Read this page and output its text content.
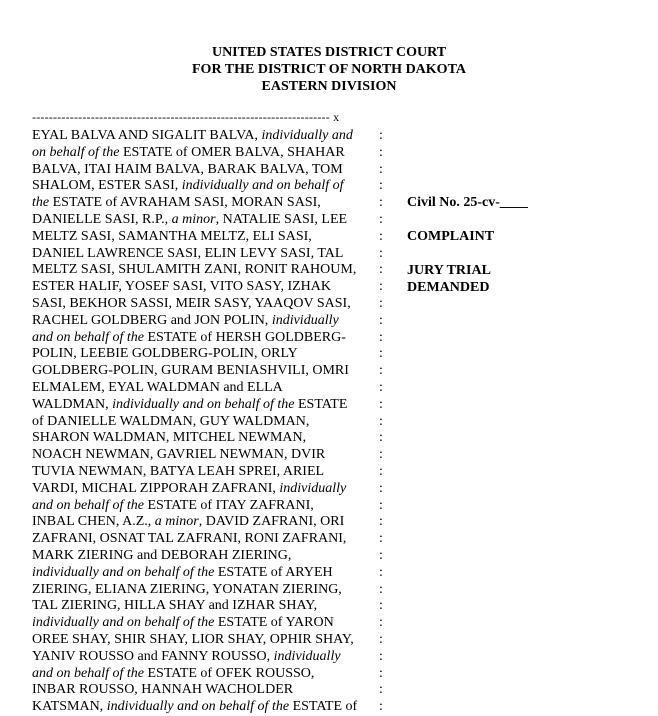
UNITED STATES DISTRICT COURT
FOR THE DISTRICT OF NORTH DAKOTA
EASTERN DIVISION
----------------------------------------------------------------------- x
EYAL BALVA AND SIGALIT BALVA, individually and
on behalf of the ESTATE of OMER BALVA, SHAHAR
BALVA, ITAI HAIM BALVA, BARAK BALVA, TOM
SHALOM, ESTER SASI, individually and on behalf of
the ESTATE of AVRAHAM SASI, MORAN SASI,
DANIELLE SASI, R.P., a minor, NATALIE SASI, LEE
MELTZ SASI, SAMANTHA MELTZ, ELI SASI,
DANIEL LAWRENCE SASI, ELIN LEVY SASI, TAL
MELTZ SASI, SHULAMITH ZANI, RONIT RAHOUM,
ESTER HALIF, YOSEF SASI, VITO SASY, IZHAK
SASI, BEKHOR SASSI, MEIR SASY, YAAQOV SASI,
RACHEL GOLDBERG and JON POLIN, individually
and on behalf of the ESTATE of HERSH GOLDBERG-
POLIN, LEEBIE GOLDBERG-POLIN, ORLY
GOLDBERG-POLIN, GURAM BENIASHVILI, OMRI
ELMALEM, EYAL WALDMAN and ELLA
WALDMAN, individually and on behalf of the ESTATE
of DANIELLE WALDMAN, GUY WALDMAN,
SHARON WALDMAN, MITCHEL NEWMAN,
NOACH NEWMAN, GAVRIEL NEWMAN, DVIR
TUVIA NEWMAN, BATYA LEAH SPREI, ARIEL
VARDI, MICHAL ZIPPORAH ZAFRANI, individually
and on behalf of the ESTATE of ITAY ZAFRANI,
INBAL CHEN, A.Z., a minor, DAVID ZAFRANI, ORI
ZAFRANI, OSNAT TAL ZAFRANI, RONI ZAFRANI,
MARK ZIERING and DEBORAH ZIERING,
individually and on behalf of the ESTATE of ARYEH
ZIERING, ELIANA ZIERING, YONATAN ZIERING,
TAL ZIERING, HILLA SHAY and IZHAR SHAY,
individually and on behalf of the ESTATE of YARON
OREE SHAY, SHIR SHAY, LIOR SHAY, OPHIR SHAY,
YANIV ROUSSO and FANNY ROUSSO, individually
and on behalf of the ESTATE of OFEK ROUSSO,
INBAR ROUSSO, HANNAH WACHOLDER
KATSMAN, individually and on behalf of the ESTATE of
:
:
:
:
:
:
:
:
:
:
:
:
:
:
:
:
:
:
:
:
:
:
:
:
:
:
:
:
:
:
:
:
:
:
:
Civil No. 25-cv-____
COMPLAINT
JURY TRIAL
DEMANDED
